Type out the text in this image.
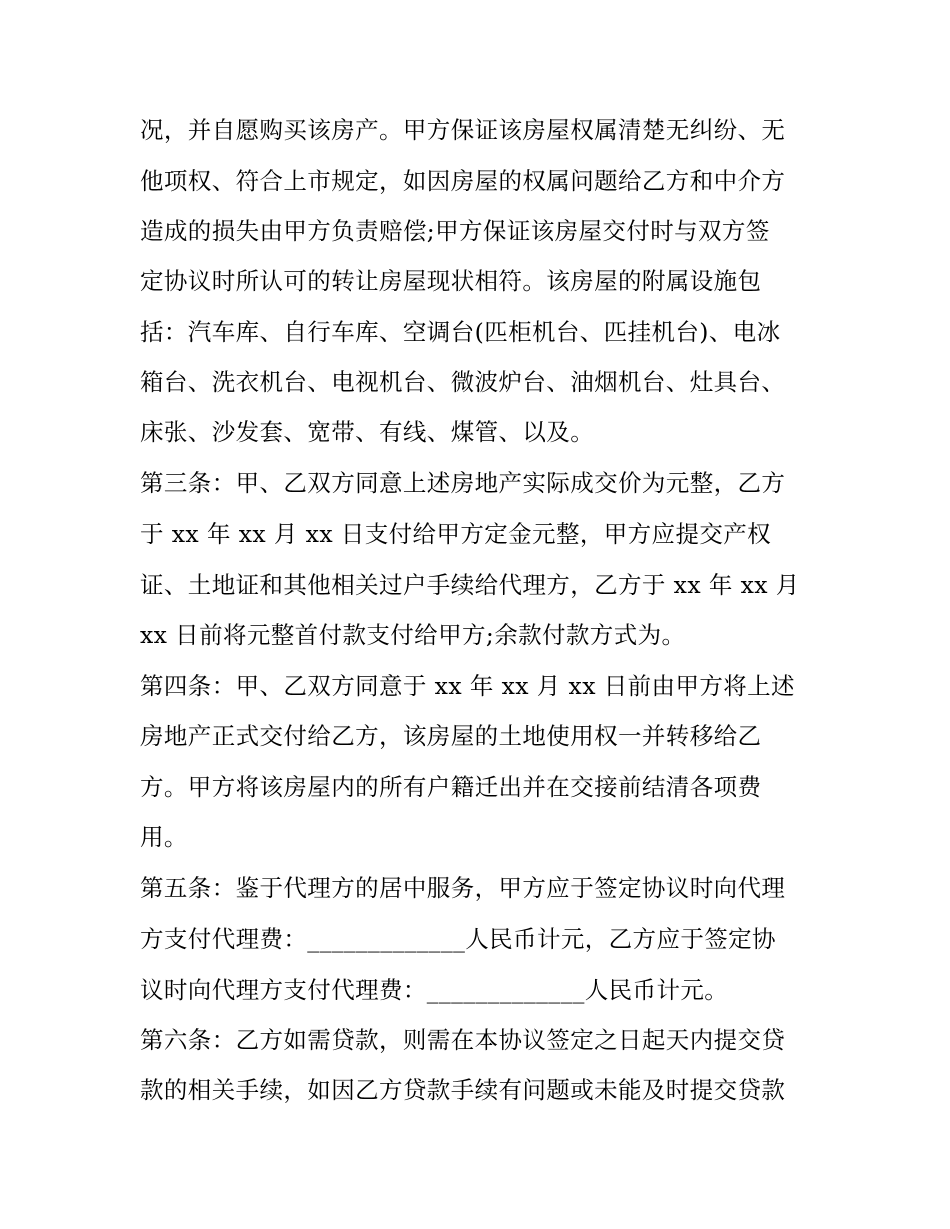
况，并自愿购买该房产。甲方保证该房屋权属清楚无纠纷、无
他项权、符合上市规定，如因房屋的权属问题给乙方和中介方
造成的损失由甲方负责赔偿;甲方保证该房屋交付时与双方签
定协议时所认可的转让房屋现状相符。该房屋的附属设施包
括：汽车库、自行车库、空调台(匹柜机台、匹挂机台)、电冰
箱台、洗衣机台、电视机台、微波炉台、油烟机台、灶具台、
床张、沙发套、宽带、有线、煤管、以及。
第三条：甲、乙双方同意上述房地产实际成交价为元整，乙方
于 xx 年 xx 月 xx 日支付给甲方定金元整，甲方应提交产权
证、土地证和其他相关过户手续给代理方，乙方于 xx 年 xx 月
xx 日前将元整首付款支付给甲方;余款付款方式为。
第四条：甲、乙双方同意于 xx 年 xx 月 xx 日前由甲方将上述
房地产正式交付给乙方，该房屋的土地使用权一并转移给乙
方。甲方将该房屋内的所有户籍迁出并在交接前结清各项费
用。
第五条：鉴于代理方的居中服务，甲方应于签定协议时向代理
方支付代理费：_____________人民币计元，乙方应于签定协
议时向代理方支付代理费：_____________人民币计元。
第六条：乙方如需贷款，则需在本协议签定之日起天内提交贷
款的相关手续，如因乙方贷款手续有问题或未能及时提交贷款
